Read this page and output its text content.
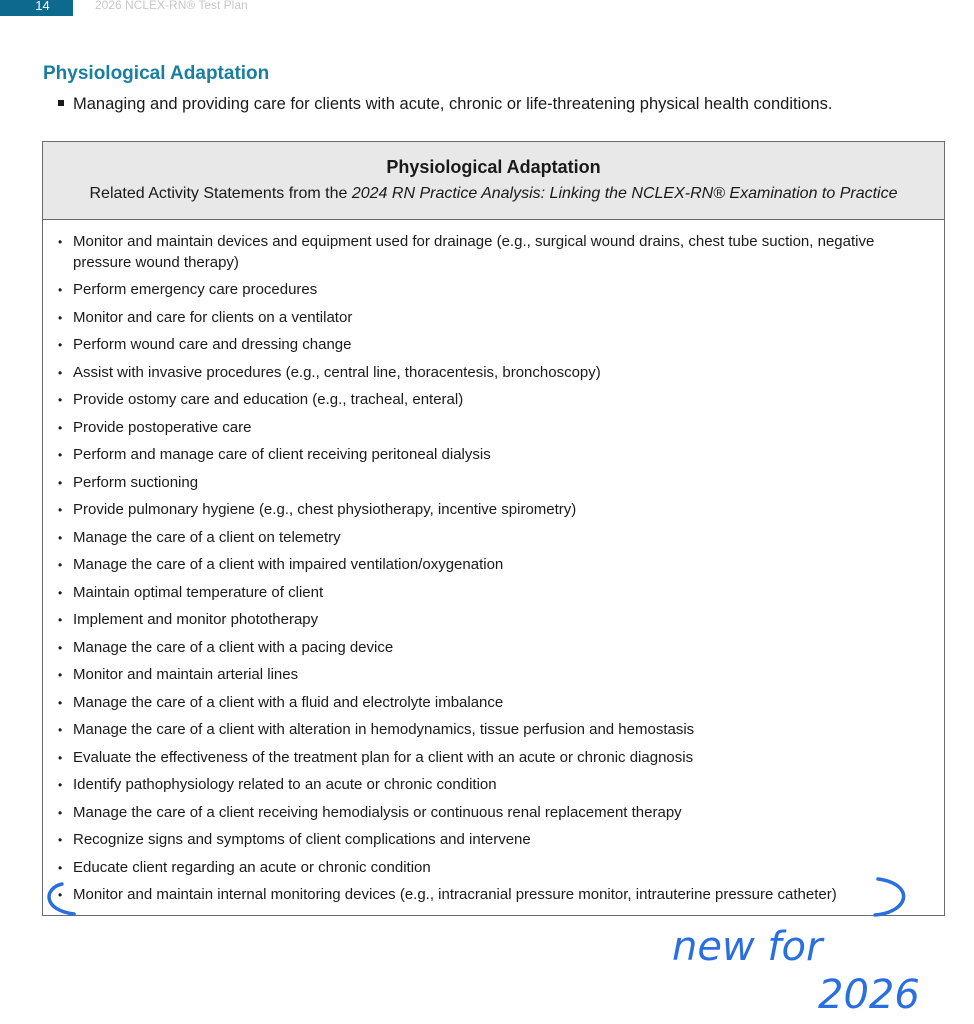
14	2026 NCLEX-RN® Test Plan
Physiological Adaptation
Managing and providing care for clients with acute, chronic or life-threatening physical health conditions.
Physiological Adaptation
Related Activity Statements from the 2024 RN Practice Analysis: Linking the NCLEX-RN® Examination to Practice
• Monitor and maintain devices and equipment used for drainage (e.g., surgical wound drains, chest tube suction, negative pressure wound therapy)
• Perform emergency care procedures
• Monitor and care for clients on a ventilator
• Perform wound care and dressing change
• Assist with invasive procedures (e.g., central line, thoracentesis, bronchoscopy)
• Provide ostomy care and education (e.g., tracheal, enteral)
• Provide postoperative care
• Perform and manage care of client receiving peritoneal dialysis
• Perform suctioning
• Provide pulmonary hygiene (e.g., chest physiotherapy, incentive spirometry)
• Manage the care of a client on telemetry
• Manage the care of a client with impaired ventilation/oxygenation
• Maintain optimal temperature of client
• Implement and monitor phototherapy
• Manage the care of a client with a pacing device
• Monitor and maintain arterial lines
• Manage the care of a client with a fluid and electrolyte imbalance
• Manage the care of a client with alteration in hemodynamics, tissue perfusion and hemostasis
• Evaluate the effectiveness of the treatment plan for a client with an acute or chronic diagnosis
• Identify pathophysiology related to an acute or chronic condition
• Manage the care of a client receiving hemodialysis or continuous renal replacement therapy
• Recognize signs and symptoms of client complications and intervene
• Educate client regarding an acute or chronic condition
• Monitor and maintain internal monitoring devices (e.g., intracranial pressure monitor, intrauterine pressure catheter)
new for
2026
